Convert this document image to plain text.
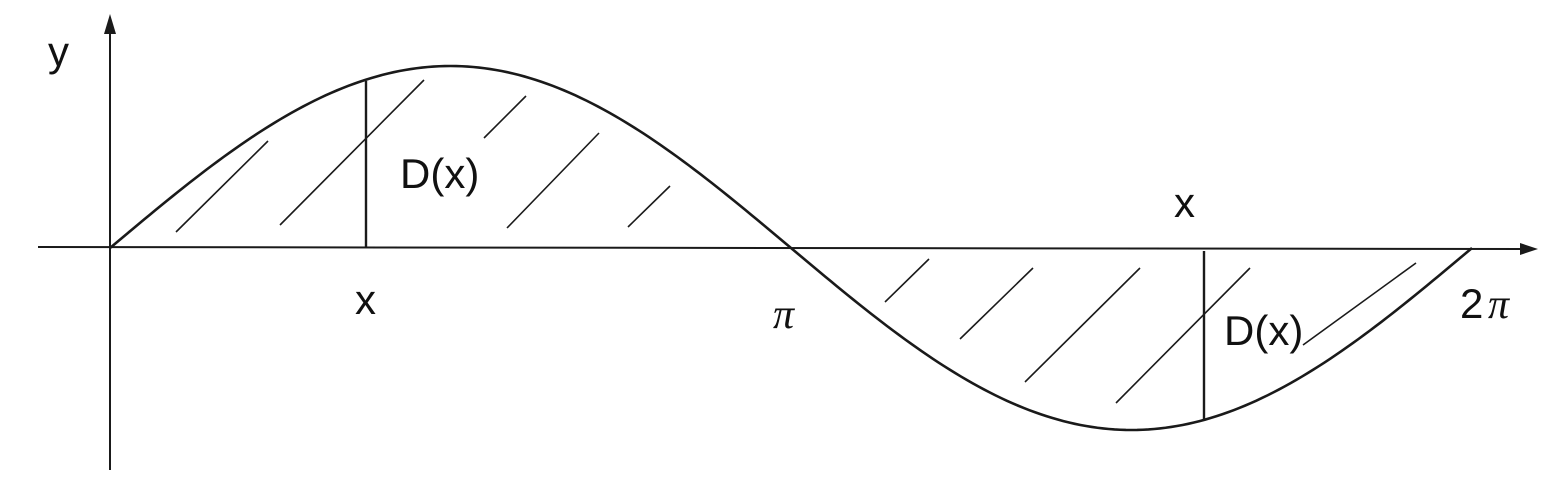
y
x
x	π	2 π
D(x)
D(x)
